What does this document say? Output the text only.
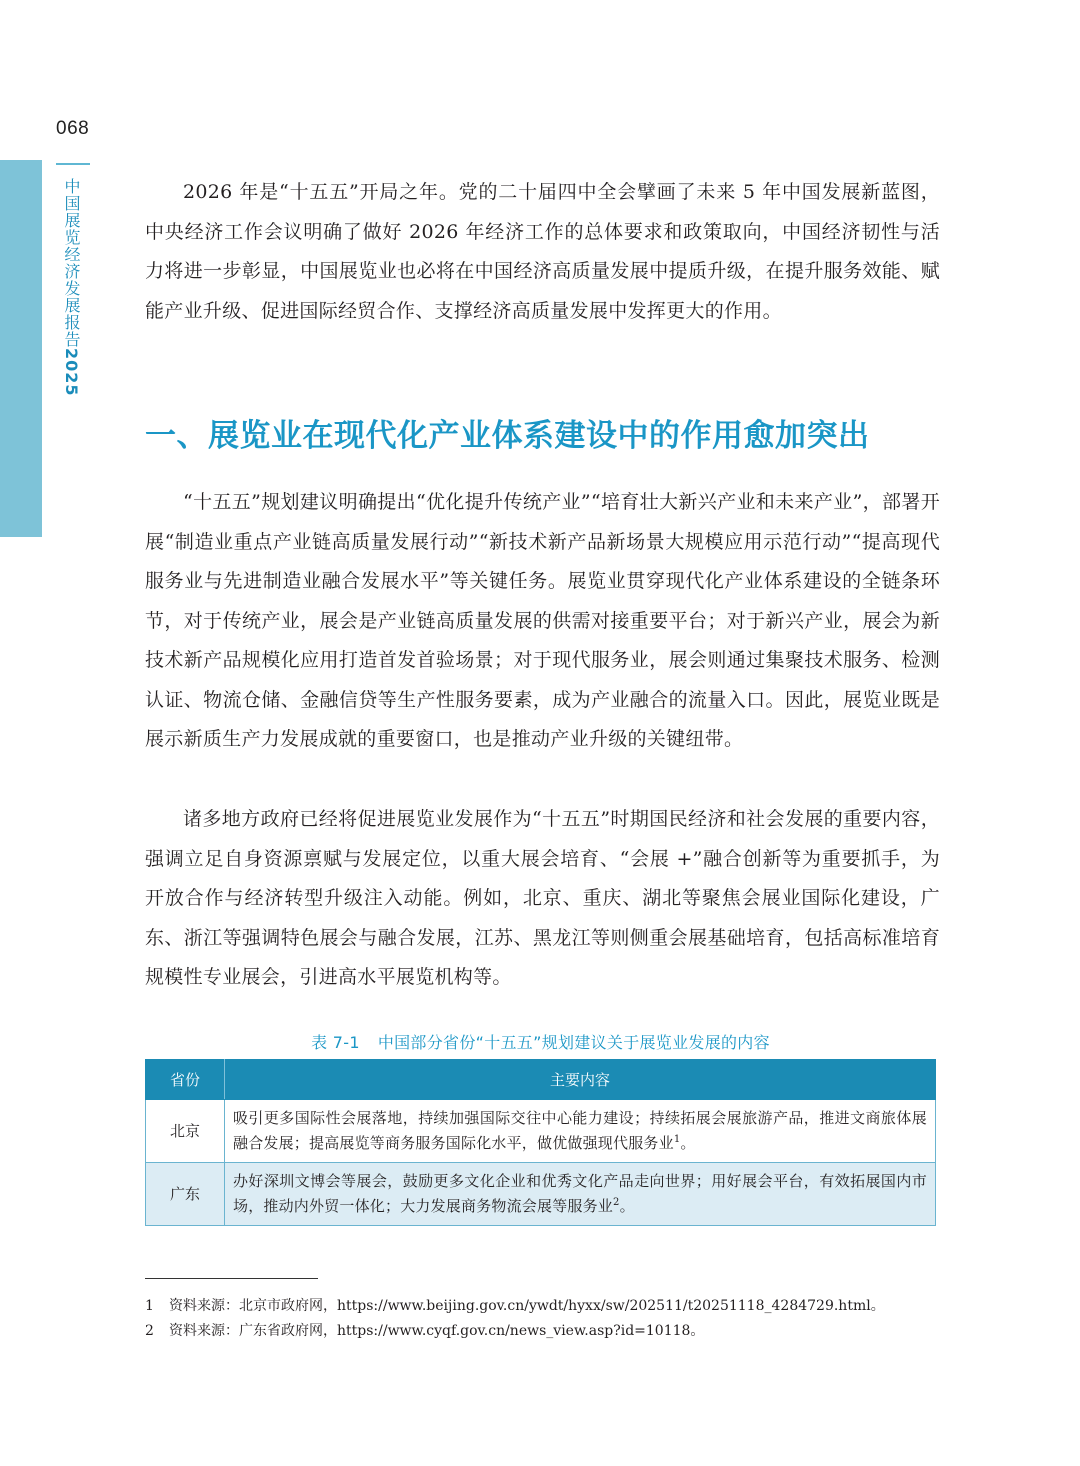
068
中国展览经济发展报告2025

2026 年是“十五五”开局之年。党的二十届四中全会擘画了未来 5 年中国发展新蓝图，中央经济工作会议明确了做好 2026 年经济工作的总体要求和政策取向，中国经济韧性与活力将进一步彰显，中国展览业也必将在中国经济高质量发展中提质升级，在提升服务效能、赋能产业升级、促进国际经贸合作、支撑经济高质量发展中发挥更大的作用。

一、展览业在现代化产业体系建设中的作用愈加突出

“十五五”规划建议明确提出“优化提升传统产业”“培育壮大新兴产业和未来产业”，部署开展“制造业重点产业链高质量发展行动”“新技术新产品新场景大规模应用示范行动”“提高现代服务业与先进制造业融合发展水平”等关键任务。展览业贯穿现代化产业体系建设的全链条环节，对于传统产业，展会是产业链高质量发展的供需对接重要平台；对于新兴产业，展会为新技术新产品规模化应用打造首发首验场景；对于现代服务业，展会则通过集聚技术服务、检测认证、物流仓储、金融信贷等生产性服务要素，成为产业融合的流量入口。因此，展览业既是展示新质生产力发展成就的重要窗口，也是推动产业升级的关键纽带。

诸多地方政府已经将促进展览业发展作为“十五五”时期国民经济和社会发展的重要内容，强调立足自身资源禀赋与发展定位，以重大展会培育、“会展 +”融合创新等为重要抓手，为开放合作与经济转型升级注入动能。例如，北京、重庆、湖北等聚焦会展业国际化建设，广东、浙江等强调特色展会与融合发展，江苏、黑龙江等则侧重会展基础培育，包括高标准培育规模性专业展会，引进高水平展览机构等。

表 7-1 中国部分省份“十五五”规划建议关于展览业发展的内容
省份	主要内容
北京	吸引更多国际性会展落地，持续加强国际交往中心能力建设；持续拓展会展旅游产品，推进文商旅体展融合发展；提高展览等商务服务国际化水平，做优做强现代服务业$^1$。
广东	办好深圳文博会等展会，鼓励更多文化企业和优秀文化产品走向世界；用好展会平台，有效拓展国内市场，推动内外贸一体化；大力发展商务物流会展等服务业$^2$。
1 资料来源：北京市政府网，https://www.beijing.gov.cn/ywdt/hyxx/sw/202511/t20251118_4284729.html。
2 资料来源：广东省政府网，https://www.cyqf.gov.cn/news_view.asp?id=10118。
